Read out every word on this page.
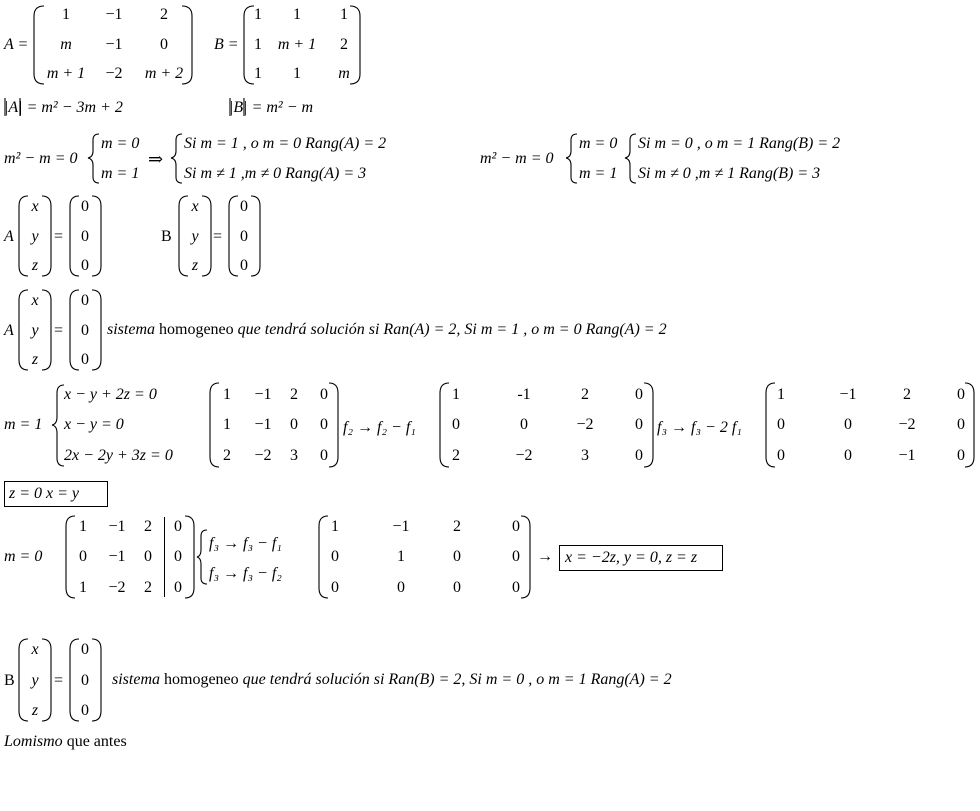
A =
1 −1 2
m −1 0
m + 1 −2 m + 2
B =
1 1 1
1 m + 1 2
1 1 m
|A| = m² − 3m + 2	|B| = m² − m
m² − m = 0
m = 0
m = 1
⇒
Si m = 1 , o m = 0 Rang(A) = 2
Si m ≠ 1 ,m ≠ 0 Rang(A) = 3
m² − m = 0
m = 0
m = 1
Si m = 0 , o m = 1 Rang(B) = 2
Si m ≠ 0 ,m ≠ 1 Rang(B) = 3
A
x
y
z
=
0
0
0
B
x
y
z
=
0
0
0
A
x
y
z
=
0
0
0
sistema homogeneo que tendrá solución si Ran(A) = 2, Si m = 1 , o m = 0 Rang(A) = 2
m = 1
x − y + 2z = 0
x − y = 0
2x − 2y + 3z = 0
1 −1 2 0
1 −1 0 0
2 −2 3 0
f₂ → f₂ − f₁
1	-1	2	0
0	0	−2	0
2	−2	3	0
f₃ → f₃ − 2 f₁
1	−1	2	0
0	0	−2	0
0	0	−1	0
z = 0 x = y
m = 0
1 −1 2 0
0 −1 0 0
1 −2 2 0
f₃ → f₃ − f₁
f₃ → f₃ − f₂
1	−1	2	0
0	1	0	0
0	0	0	0
→ x = −2z, y = 0, z = z
B
x
y
z
=
0
0
0
sistema homogeneo que tendrá solución si Ran(B) = 2, Si m = 0 , o m = 1 Rang(A) = 2
Lomismo que antes
